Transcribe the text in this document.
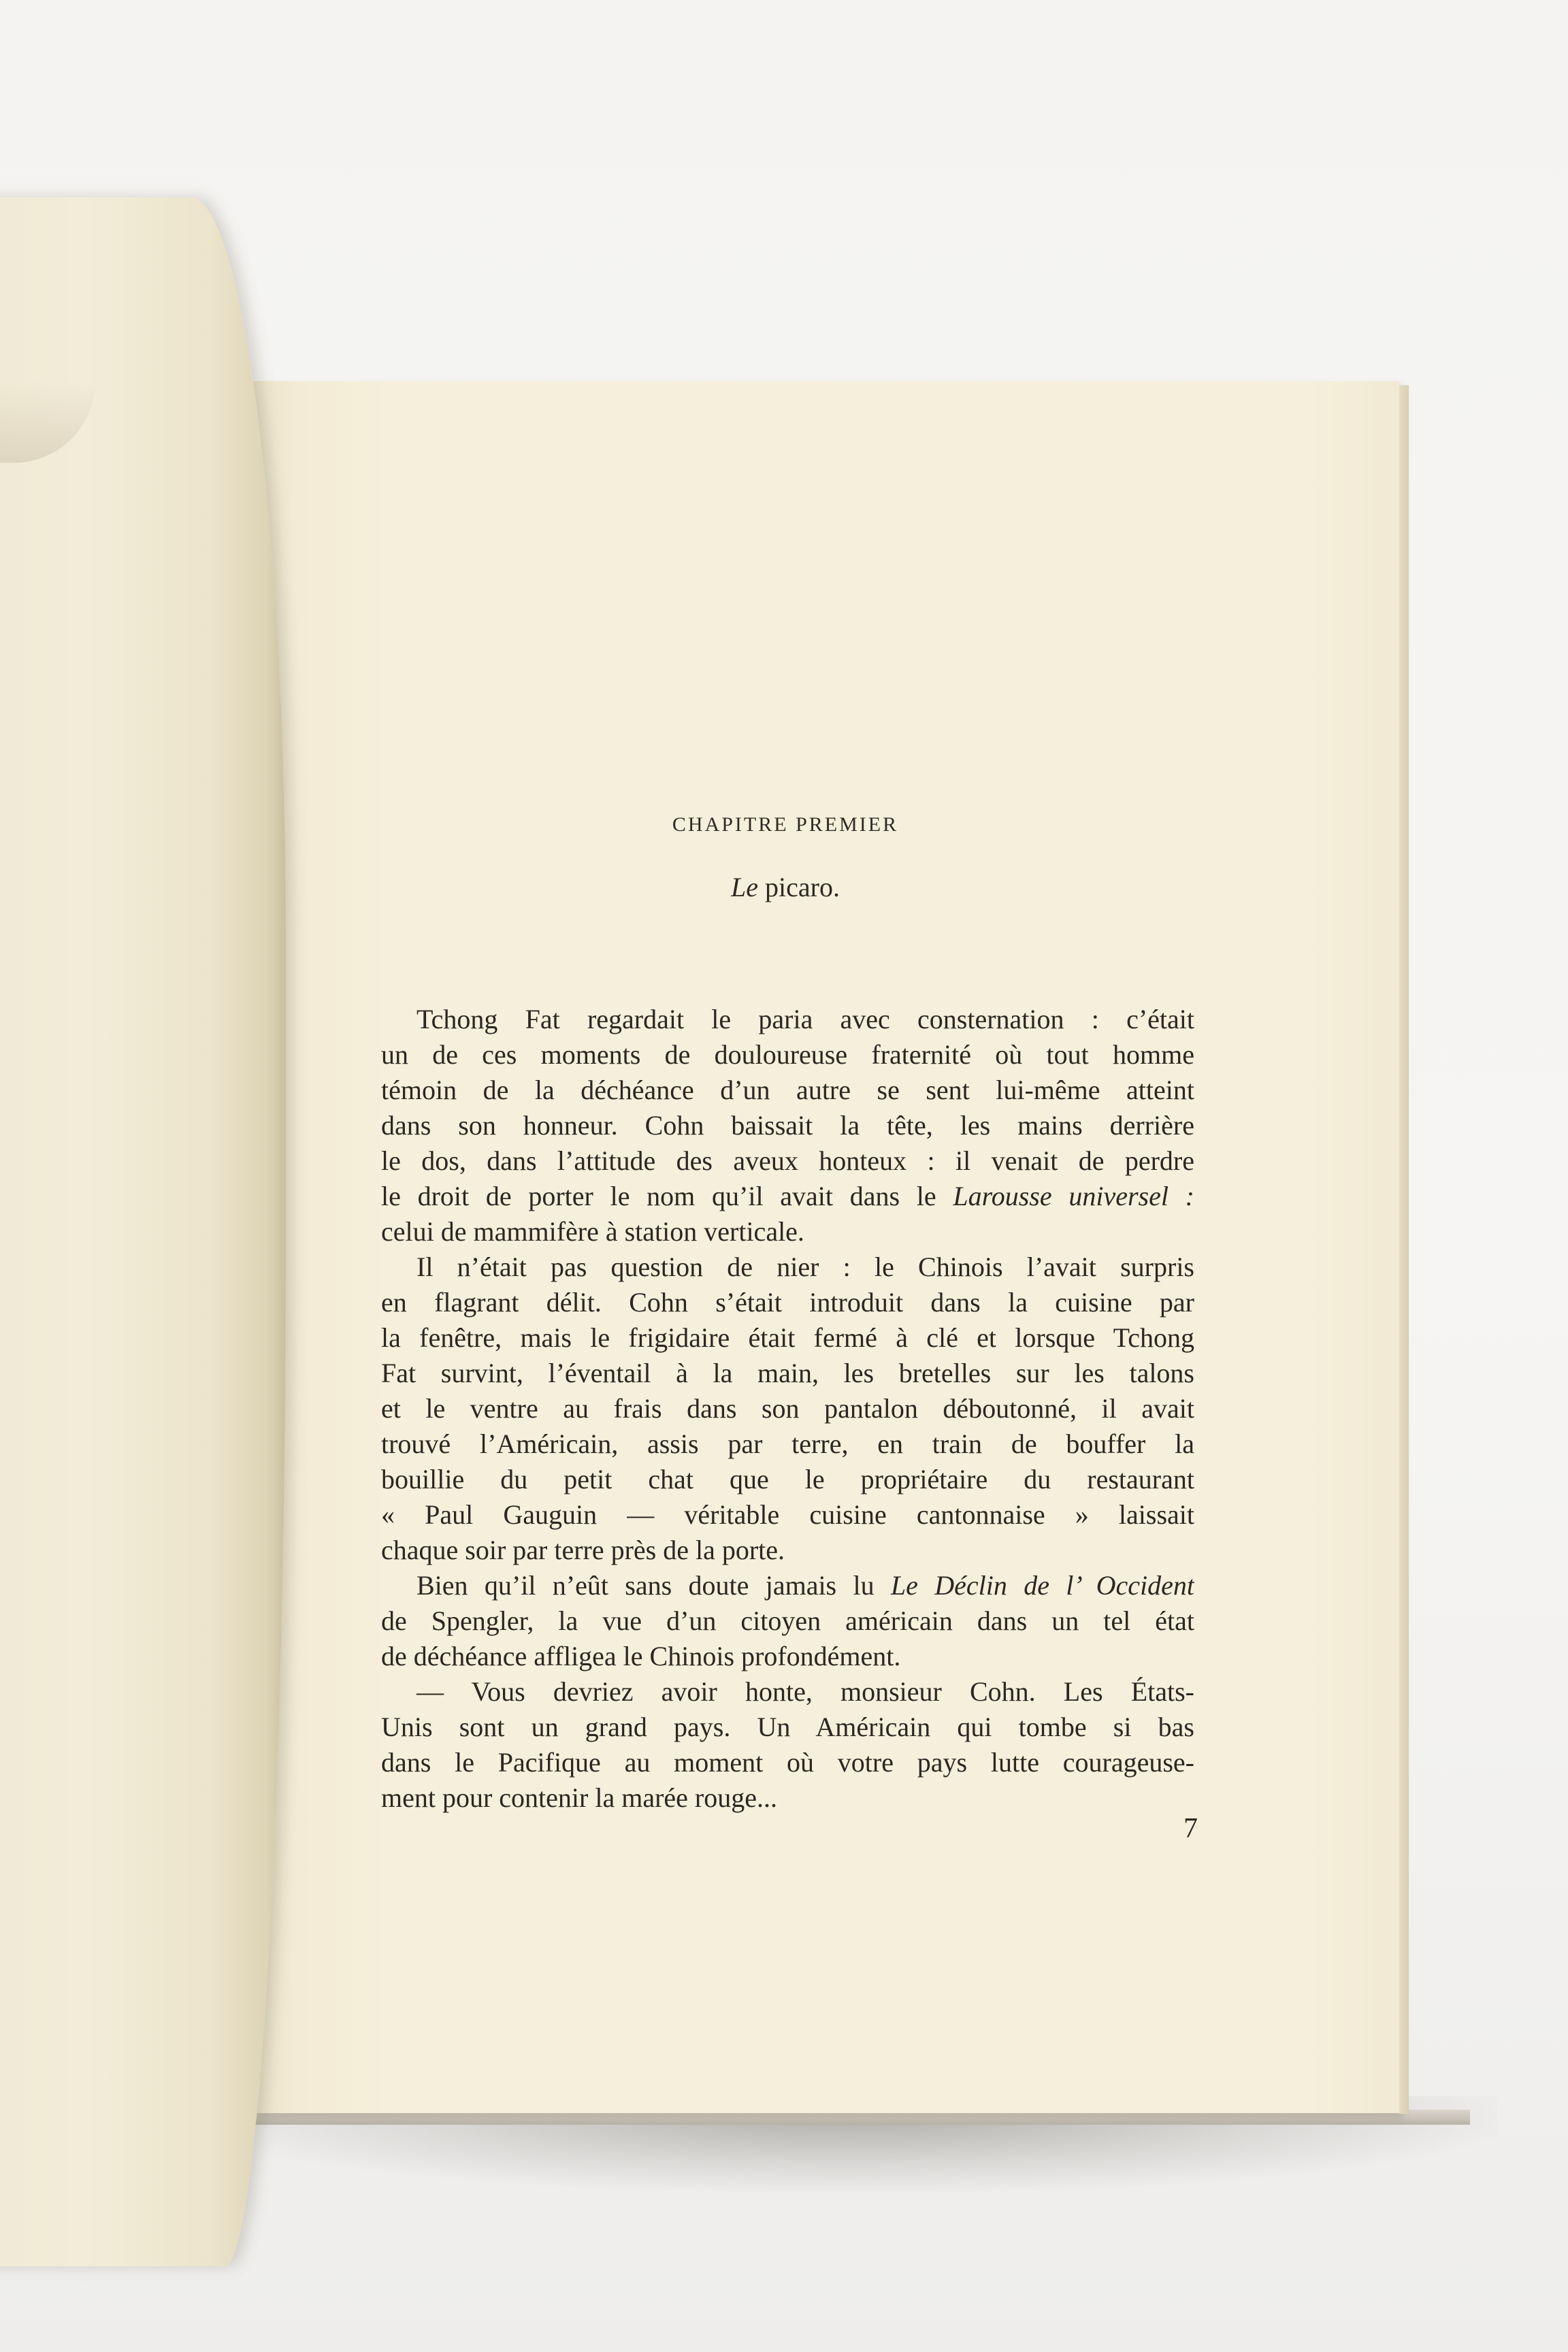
CHAPITRE PREMIER
Le picaro.
Tchong Fat regardait le paria avec consternation : c’était
un de ces moments de douloureuse fraternité où tout homme
témoin de la déchéance d’un autre se sent lui-même atteint
dans son honneur. Cohn baissait la tête, les mains derrière
le dos, dans l’attitude des aveux honteux : il venait de perdre
le droit de porter le nom qu’il avait dans le Larousse universel :
celui de mammifère à station verticale.
Il n’était pas question de nier : le Chinois l’avait surpris
en flagrant délit. Cohn s’était introduit dans la cuisine par
la fenêtre, mais le frigidaire était fermé à clé et lorsque Tchong
Fat survint, l’éventail à la main, les bretelles sur les talons
et le ventre au frais dans son pantalon déboutonné, il avait
trouvé l’Américain, assis par terre, en train de bouffer la
bouillie du petit chat que le propriétaire du restaurant
« Paul Gauguin — véritable cuisine cantonnaise » laissait
chaque soir par terre près de la porte.
Bien qu’il n’eût sans doute jamais lu Le Déclin de l’ Occident
de Spengler, la vue d’un citoyen américain dans un tel état
de déchéance affligea le Chinois profondément.
— Vous devriez avoir honte, monsieur Cohn. Les États-
Unis sont un grand pays. Un Américain qui tombe si bas
dans le Pacifique au moment où votre pays lutte courageuse-
ment pour contenir la marée rouge...
7
